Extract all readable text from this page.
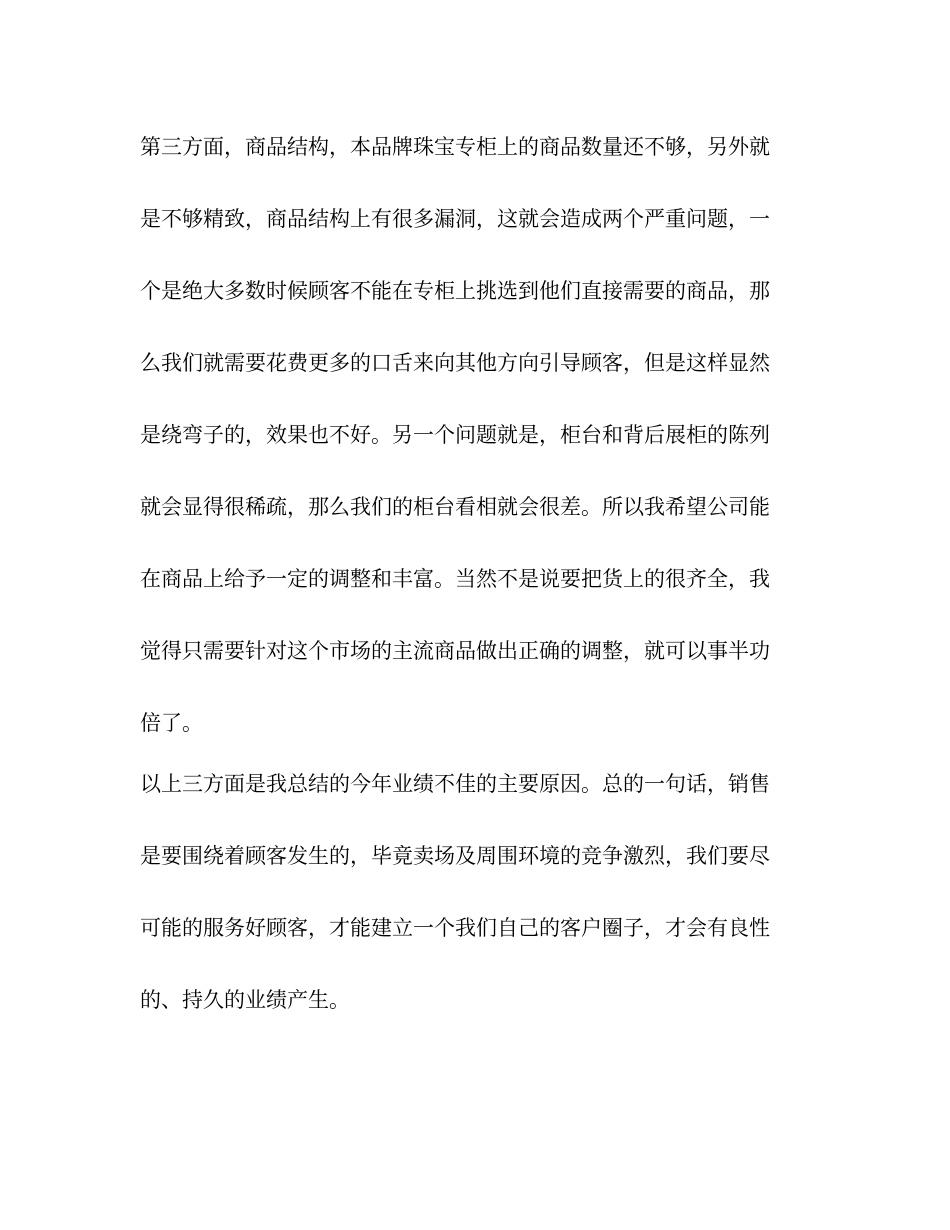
第三方面，商品结构，本品牌珠宝专柜上的商品数量还不够，另外就
是不够精致，商品结构上有很多漏洞，这就会造成两个严重问题，一
个是绝大多数时候顾客不能在专柜上挑选到他们直接需要的商品，那
么我们就需要花费更多的口舌来向其他方向引导顾客，但是这样显然
是绕弯子的，效果也不好。另一个问题就是，柜台和背后展柜的陈列
就会显得很稀疏，那么我们的柜台看相就会很差。所以我希望公司能
在商品上给予一定的调整和丰富。当然不是说要把货上的很齐全，我
觉得只需要针对这个市场的主流商品做出正确的调整，就可以事半功
倍了。
以上三方面是我总结的今年业绩不佳的主要原因。总的一句话，销售
是要围绕着顾客发生的，毕竟卖场及周围环境的竞争激烈，我们要尽
可能的服务好顾客，才能建立一个我们自己的客户圈子，才会有良性
的、持久的业绩产生。
